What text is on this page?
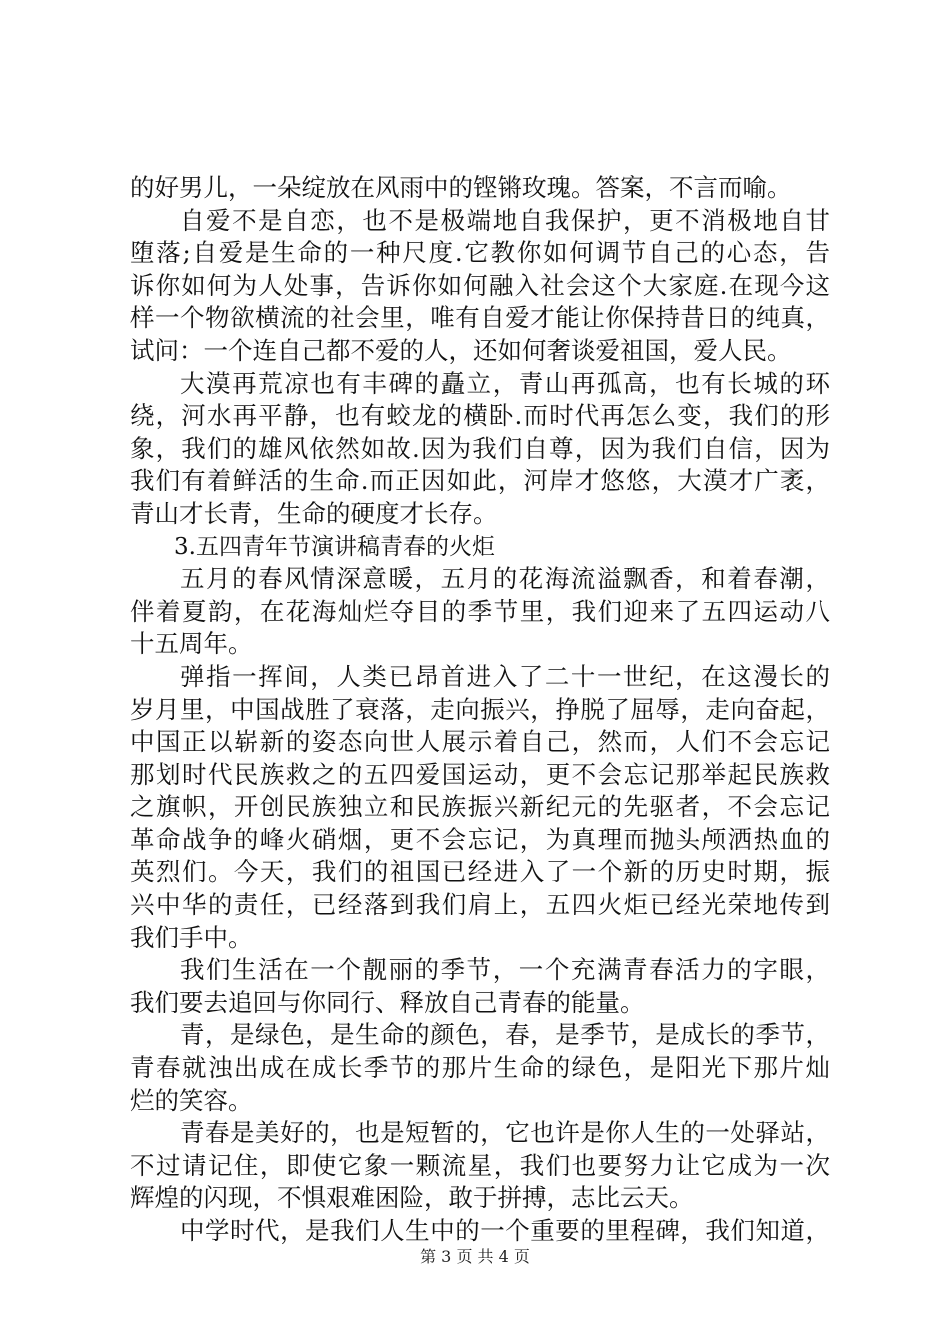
的好男儿，一朵绽放在风雨中的铿锵玫瑰。答案，不言而喻。
自爱不是自恋，也不是极端地自我保护，更不消极地自甘
堕落;自爱是生命的一种尺度.它教你如何调节自己的心态，告
诉你如何为人处事，告诉你如何融入社会这个大家庭.在现今这
样一个物欲横流的社会里，唯有自爱才能让你保持昔日的纯真，
试问：一个连自己都不爱的人，还如何奢谈爱祖国，爱人民。
大漠再荒凉也有丰碑的矗立，青山再孤高，也有长城的环
绕，河水再平静，也有蛟龙的横卧.而时代再怎么变，我们的形
象，我们的雄风依然如故.因为我们自尊，因为我们自信，因为
我们有着鲜活的生命.而正因如此，河岸才悠悠，大漠才广袤，
青山才长青，生命的硬度才长存。
3.五四青年节演讲稿青春的火炬
五月的春风情深意暖，五月的花海流溢飘香，和着春潮，
伴着夏韵，在花海灿烂夺目的季节里，我们迎来了五四运动八
十五周年。
弹指一挥间，人类已昂首进入了二十一世纪，在这漫长的
岁月里，中国战胜了衰落，走向振兴，挣脱了屈辱，走向奋起，
中国正以崭新的姿态向世人展示着自己，然而，人们不会忘记
那划时代民族救之的五四爱国运动，更不会忘记那举起民族救
之旗帜，开创民族独立和民族振兴新纪元的先驱者，不会忘记
革命战争的峰火硝烟，更不会忘记，为真理而抛头颅洒热血的
英烈们。今天，我们的祖国已经进入了一个新的历史时期，振
兴中华的责任，已经落到我们肩上，五四火炬已经光荣地传到
我们手中。
我们生活在一个靓丽的季节，一个充满青春活力的字眼，
我们要去追回与你同行、释放自己青春的能量。
青，是绿色，是生命的颜色，春，是季节，是成长的季节，
青春就浊出成在成长季节的那片生命的绿色，是阳光下那片灿
烂的笑容。
青春是美好的，也是短暂的，它也许是你人生的一处驿站，
不过请记住，即使它象一颗流星，我们也要努力让它成为一次
辉煌的闪现，不惧艰难困险，敢于拼搏，志比云天。
中学时代，是我们人生中的一个重要的里程碑，我们知道，
第 3 页 共 4 页
